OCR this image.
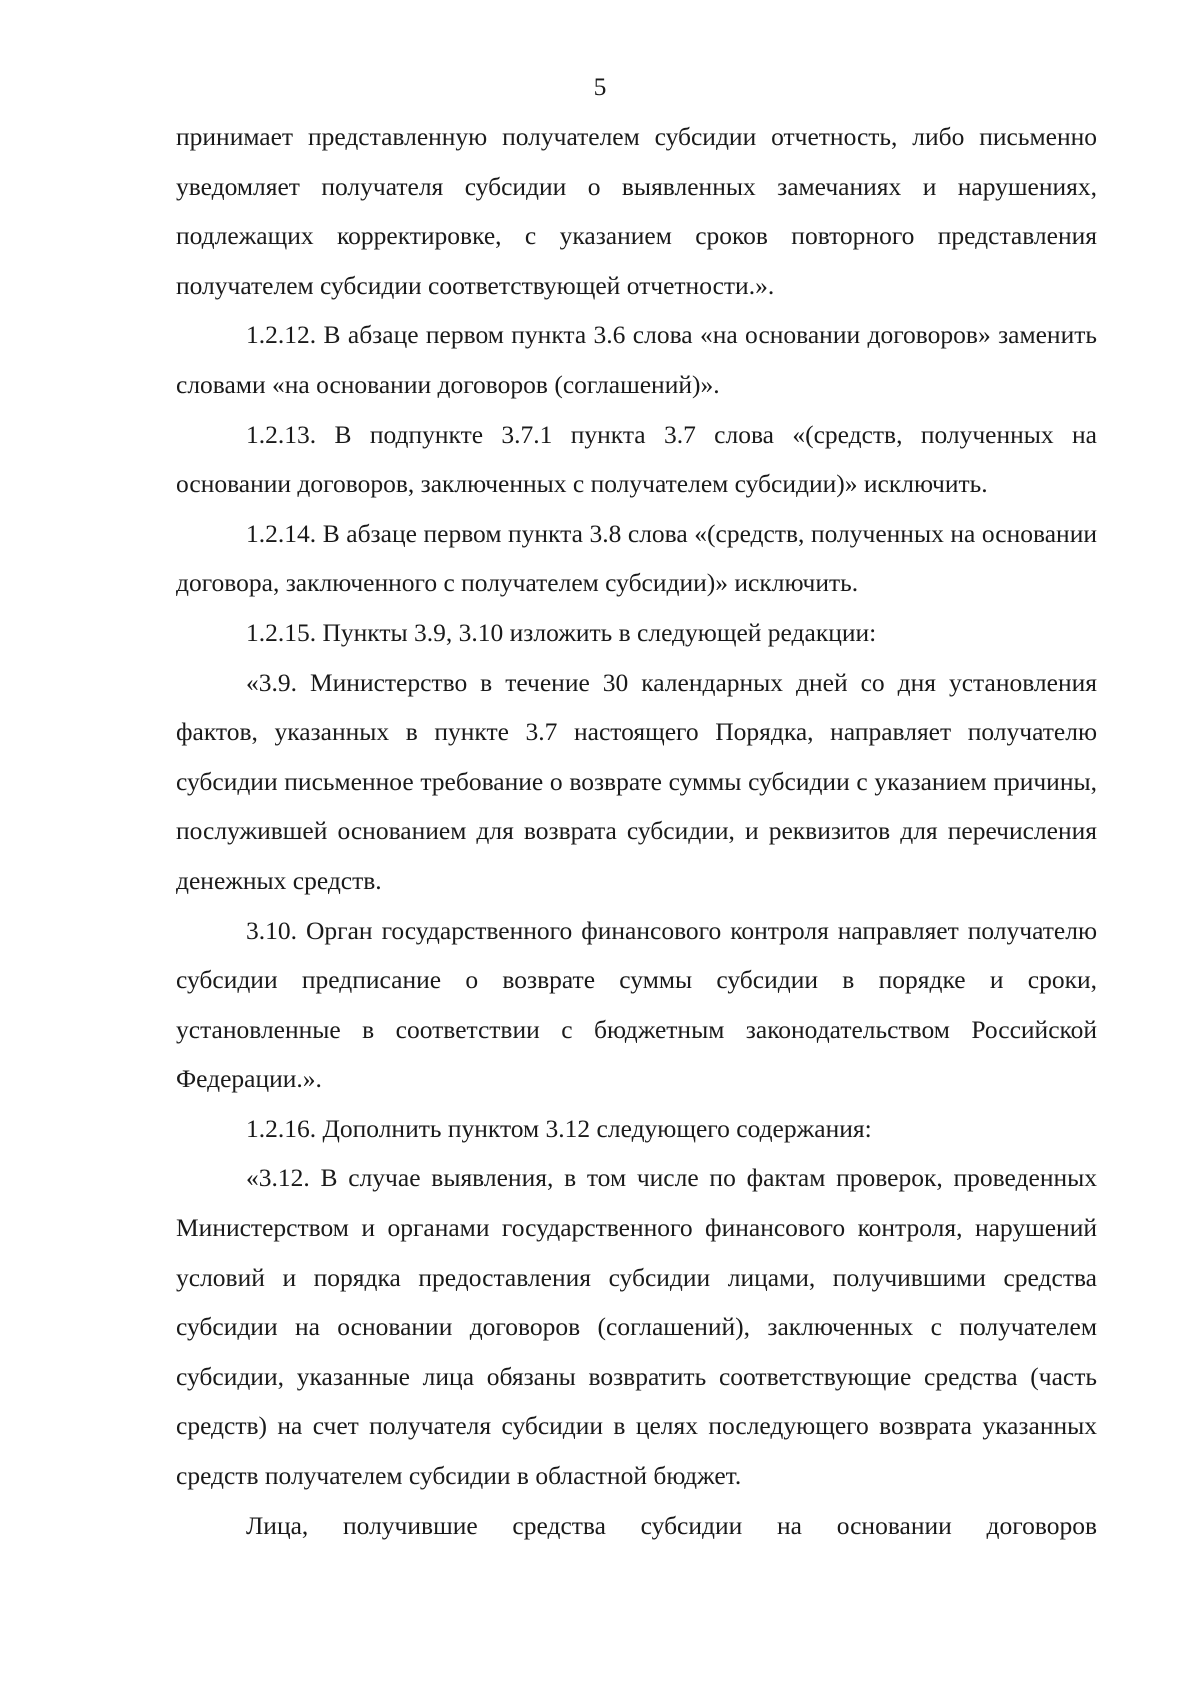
5

принимает представленную получателем субсидии отчетность, либо письменно уведомляет получателя субсидии о выявленных замечаниях и нарушениях, подлежащих корректировке, с указанием сроков повторного представления получателем субсидии соответствующей отчетности.».

1.2.12. В абзаце первом пункта 3.6 слова «на основании договоров» заменить словами «на основании договоров (соглашений)».

1.2.13. В подпункте 3.7.1 пункта 3.7 слова «(средств, полученных на основании договоров, заключенных с получателем субсидии)» исключить.

1.2.14. В абзаце первом пункта 3.8 слова «(средств, полученных на основании договора, заключенного с получателем субсидии)» исключить.

1.2.15. Пункты 3.9, 3.10 изложить в следующей редакции:

«3.9. Министерство в течение 30 календарных дней со дня установления фактов, указанных в пункте 3.7 настоящего Порядка, направляет получателю субсидии письменное требование о возврате суммы субсидии с указанием причины, послужившей основанием для возврата субсидии, и реквизитов для перечисления денежных средств.

3.10. Орган государственного финансового контроля направляет получателю субсидии предписание о возврате суммы субсидии в порядке и сроки, установленные в соответствии с бюджетным законодательством Российской Федерации.».

1.2.16. Дополнить пунктом 3.12 следующего содержания:

«3.12. В случае выявления, в том числе по фактам проверок, проведенных Министерством и органами государственного финансового контроля, нарушений условий и порядка предоставления субсидии лицами, получившими средства субсидии на основании договоров (соглашений), заключенных с получателем субсидии, указанные лица обязаны возвратить соответствующие средства (часть средств) на счет получателя субсидии в целях последующего возврата указанных средств получателем субсидии в областной бюджет.

Лица, получившие средства субсидии на основании договоров
